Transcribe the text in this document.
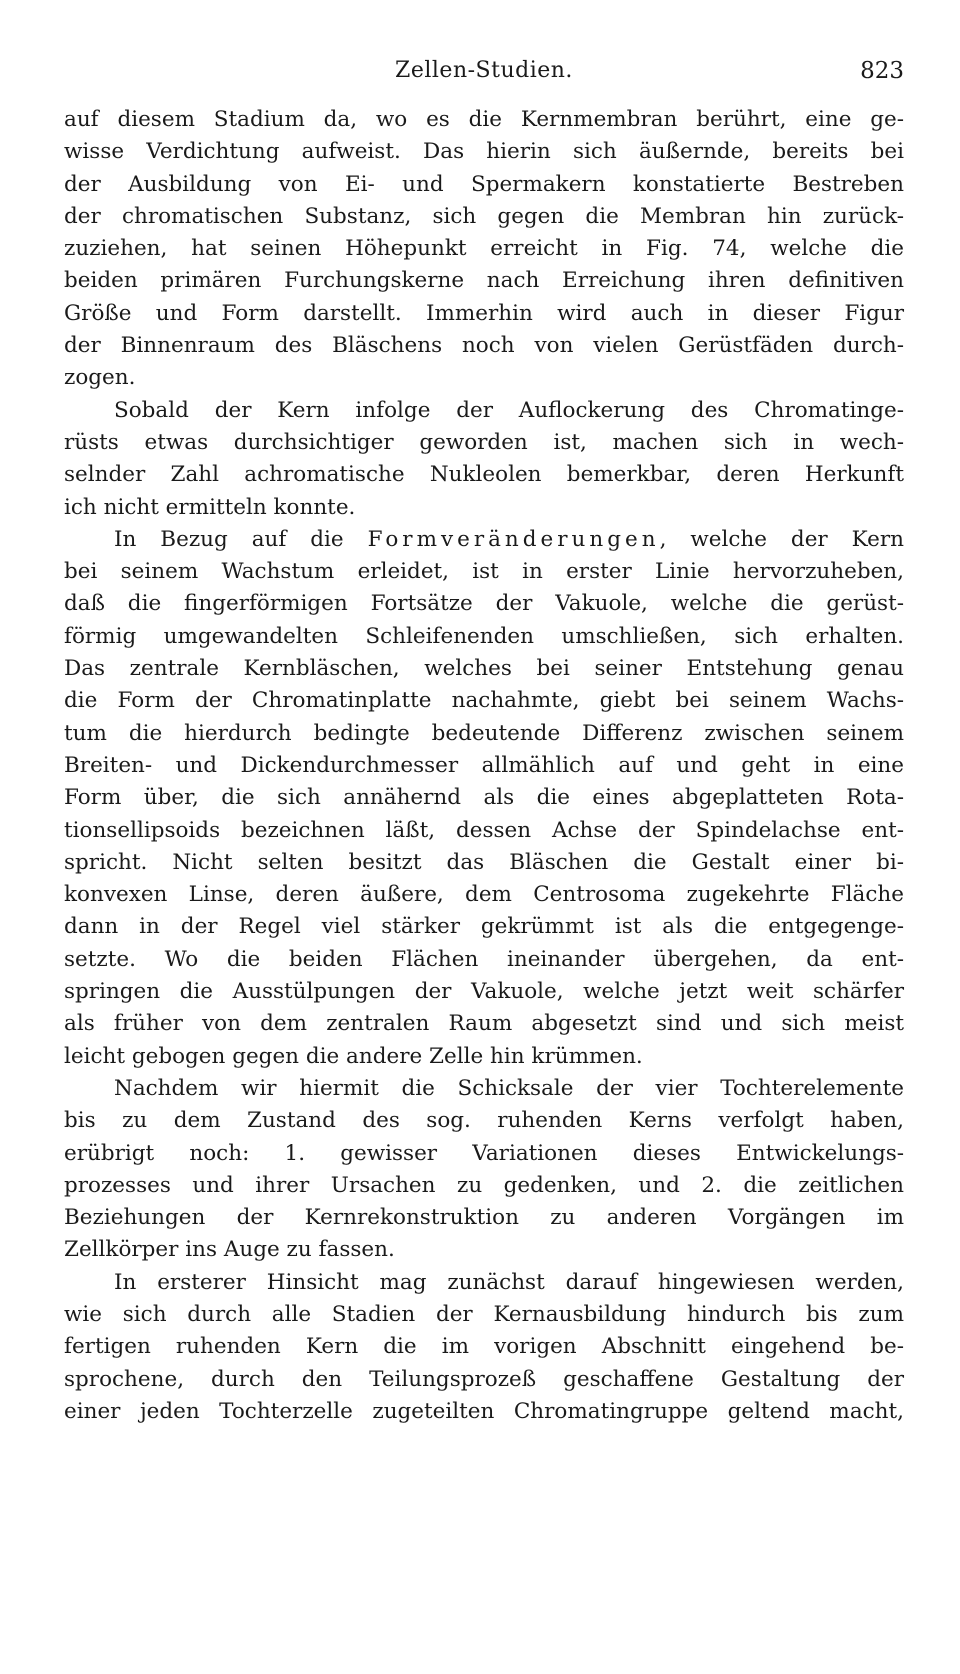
Zellen-Studien.	823

auf diesem Stadium da, wo es die Kernmembran berührt, eine ge-
wisse Verdichtung aufweist. Das hierin sich äußernde, bereits bei
der Ausbildung von Ei- und Spermakern konstatierte Bestreben
der chromatischen Substanz, sich gegen die Membran hin zurück-
zuziehen, hat seinen Höhepunkt erreicht in Fig. 74, welche die
beiden primären Furchungskerne nach Erreichung ihren definitiven
Größe und Form darstellt. Immerhin wird auch in dieser Figur
der Binnenraum des Bläschens noch von vielen Gerüstfäden durch-
zogen.

Sobald der Kern infolge der Auflockerung des Chromatinge-
rüsts etwas durchsichtiger geworden ist, machen sich in wech-
selnder Zahl achromatische Nukleolen bemerkbar, deren Herkunft
ich nicht ermitteln konnte.

In Bezug auf die Formveränderungen, welche der Kern
bei seinem Wachstum erleidet, ist in erster Linie hervorzuheben,
daß die fingerförmigen Fortsätze der Vakuole, welche die gerüst-
förmig umgewandelten Schleifenenden umschließen, sich erhalten.
Das zentrale Kernbläschen, welches bei seiner Entstehung genau
die Form der Chromatinplatte nachahmte, giebt bei seinem Wachs-
tum die hierdurch bedingte bedeutende Differenz zwischen seinem
Breiten- und Dickendurchmesser allmählich auf und geht in eine
Form über, die sich annähernd als die eines abgeplatteten Rota-
tionsellipsoids bezeichnen läßt, dessen Achse der Spindelachse ent-
spricht. Nicht selten besitzt das Bläschen die Gestalt einer bi-
konvexen Linse, deren äußere, dem Centrosoma zugekehrte Fläche
dann in der Regel viel stärker gekrümmt ist als die entgegenge-
setzte. Wo die beiden Flächen ineinander übergehen, da ent-
springen die Ausstülpungen der Vakuole, welche jetzt weit schärfer
als früher von dem zentralen Raum abgesetzt sind und sich meist
leicht gebogen gegen die andere Zelle hin krümmen.

Nachdem wir hiermit die Schicksale der vier Tochterelemente
bis zu dem Zustand des sog. ruhenden Kerns verfolgt haben,
erübrigt noch: 1. gewisser Variationen dieses Entwickelungs-
prozesses und ihrer Ursachen zu gedenken, und 2. die zeitlichen
Beziehungen der Kernrekonstruktion zu anderen Vorgängen im
Zellkörper ins Auge zu fassen.

In ersterer Hinsicht mag zunächst darauf hingewiesen werden,
wie sich durch alle Stadien der Kernausbildung hindurch bis zum
fertigen ruhenden Kern die im vorigen Abschnitt eingehend be-
sprochene, durch den Teilungsprozeß geschaffene Gestaltung der
einer jeden Tochterzelle zugeteilten Chromatingruppe geltend macht,
